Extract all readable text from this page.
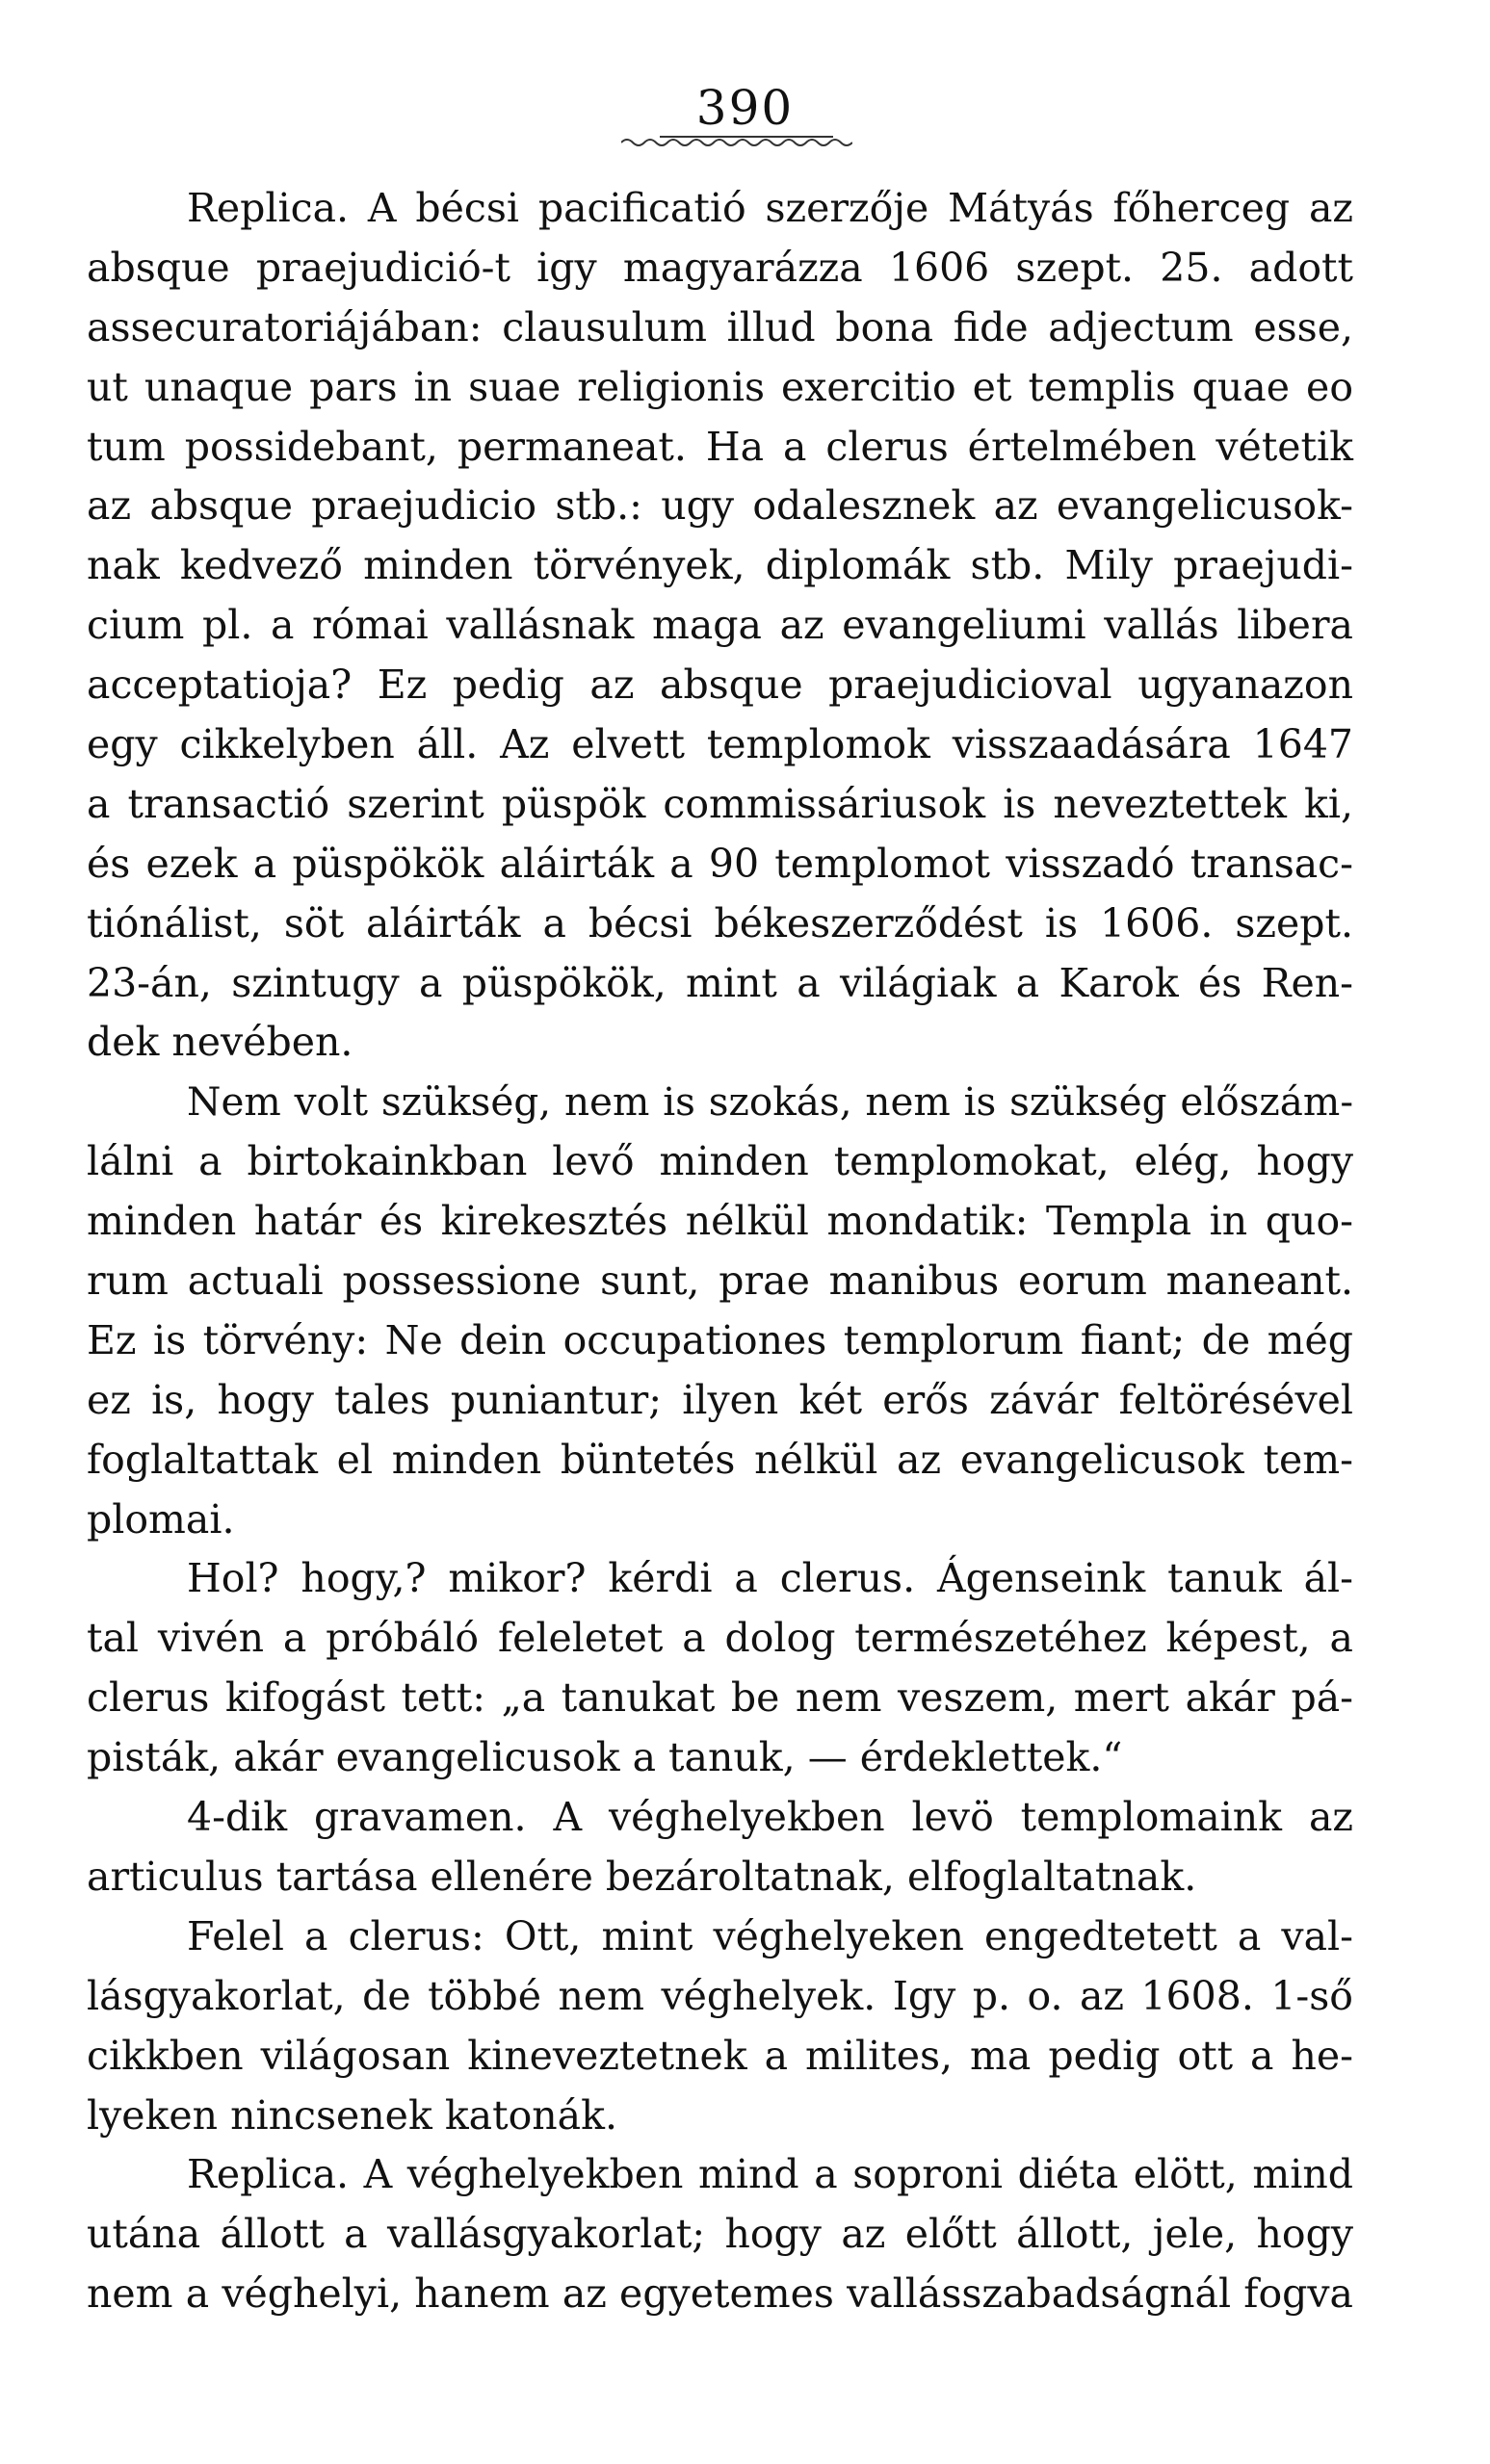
390
Replica. A bécsi pacificatió szerzője Mátyás főherceg az
absque praejudició-t igy magyarázza 1606 szept. 25. adott
assecuratoriájában: clausulum illud bona fide adjectum esse,
ut unaque pars in suae religionis exercitio et templis quae eo
tum possidebant, permaneat. Ha a clerus értelmében vétetik
az absque praejudicio stb.: ugy odalesznek az evangelicusok-
nak kedvező minden törvények, diplomák stb. Mily praejudi-
cium pl. a római vallásnak maga az evangeliumi vallás libera
acceptatioja? Ez pedig az absque praejudicioval ugyanazon
egy cikkelyben áll. Az elvett templomok visszaadására 1647
a transactió szerint püspök commissáriusok is neveztettek ki,
és ezek a püspökök aláirták a 90 templomot visszadó transac-
tiónálist, söt aláirták a bécsi békeszerződést is 1606. szept.
23-án, szintugy a püspökök, mint a világiak a Karok és Ren-
dek nevében.
Nem volt szükség, nem is szokás, nem is szükség előszám-
lálni a birtokainkban levő minden templomokat, elég, hogy
minden határ és kirekesztés nélkül mondatik: Templa in quo-
rum actuali possessione sunt, prae manibus eorum maneant.
Ez is törvény: Ne dein occupationes templorum fiant; de még
ez is, hogy tales puniantur; ilyen két erős závár feltörésével
foglaltattak el minden büntetés nélkül az evangelicusok tem-
plomai.
Hol? hogy,? mikor? kérdi a clerus. Ágenseink tanuk ál-
tal vivén a próbáló feleletet a dolog természetéhez képest, a
clerus kifogást tett: „a tanukat be nem veszem, mert akár pá-
pisták, akár evangelicusok a tanuk, — érdeklettek.“
4-dik gravamen. A véghelyekben levö templomaink az
articulus tartása ellenére bezároltatnak, elfoglaltatnak.
Felel a clerus: Ott, mint véghelyeken engedtetett a val-
lásgyakorlat, de többé nem véghelyek. Igy p. o. az 1608. 1-ső
cikkben világosan kineveztetnek a milites, ma pedig ott a he-
lyeken nincsenek katonák.
Replica. A véghelyekben mind a soproni diéta elött, mind
utána állott a vallásgyakorlat; hogy az előtt állott, jele, hogy
nem a véghelyi, hanem az egyetemes vallásszabadságnál fogva
